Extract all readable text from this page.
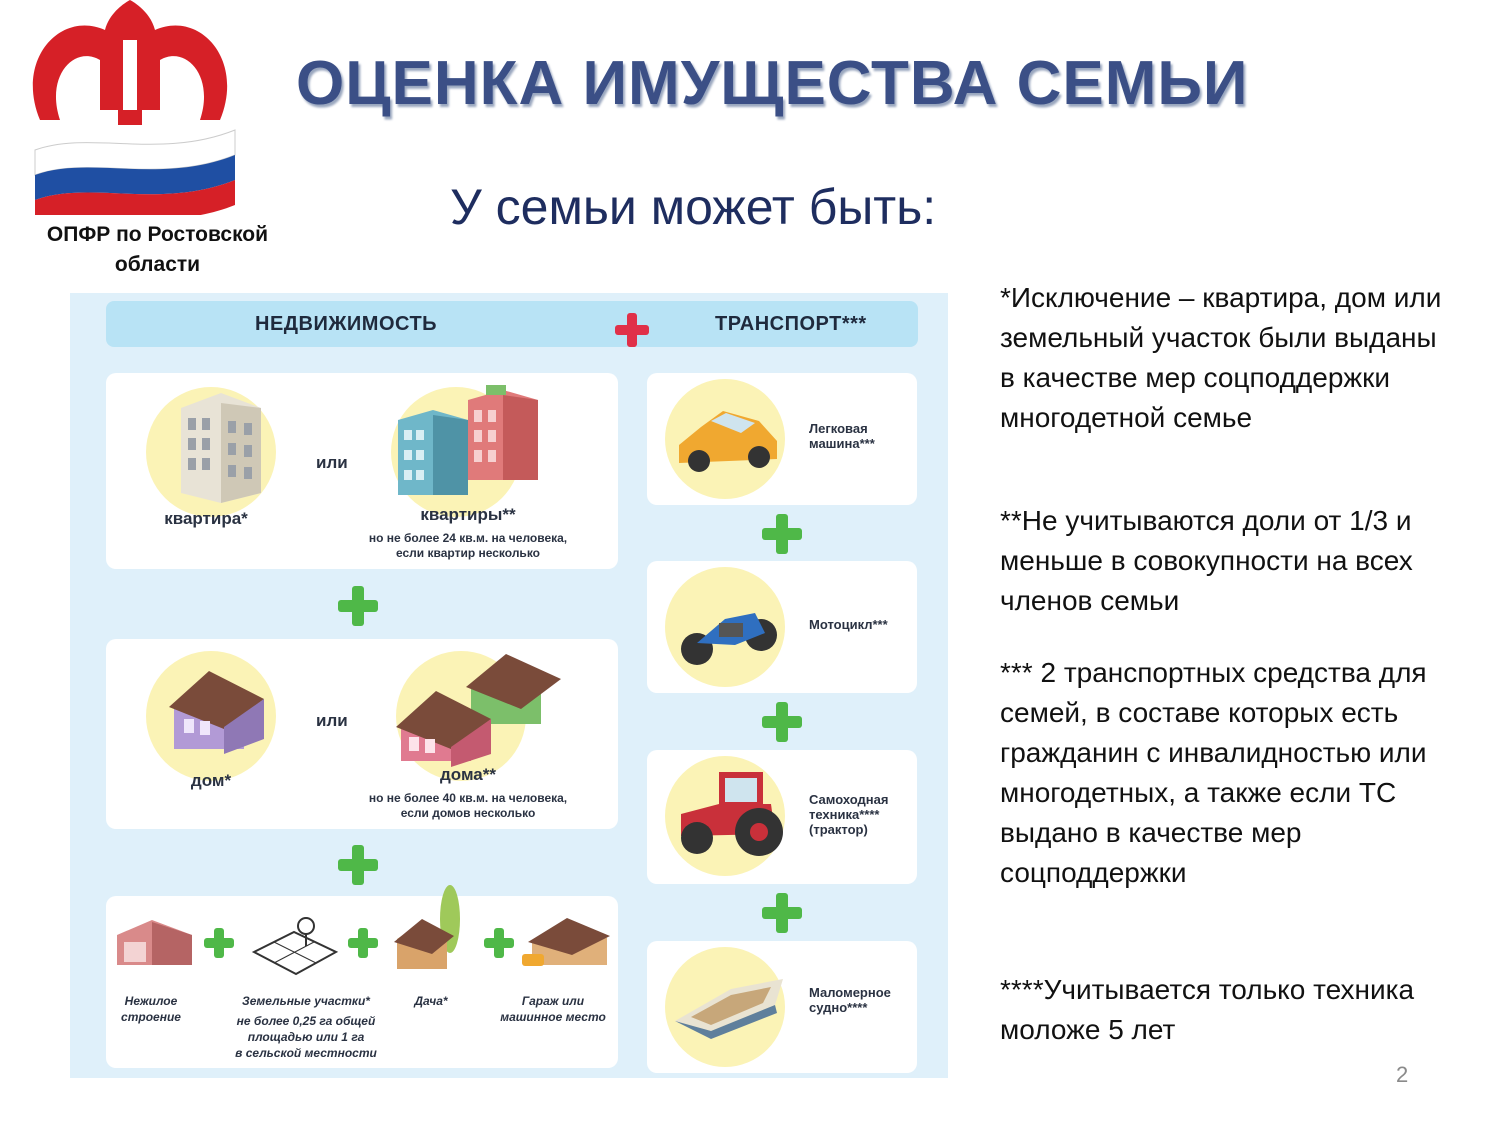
ОПФР по Ростовской области
ОЦЕНКА ИМУЩЕСТВА СЕМЬИ
У семьи может быть:
НЕДВИЖИМОСТЬ	ТРАНСПОРТ***
квартира*
или
квартиры**
но не более 24 кв.м. на человека,
если квартир несколько
дом*
или
дома**
но не более 40 кв.м. на человека,
если домов несколько
Нежилое
строение
Земельные участки*
не более 0,25 га общей
площадью или 1 га
в сельской местности
Дача*	Гараж или
машинное место
Легковая
машина***
Мотоцикл***
Самоходная
техника****
(трактор)
Маломерное
судно****
*Исключение – квартира, дом или земельный участок были выданы в качестве мер соцподдержки многодетной семье
**Не учитываются доли от 1/3 и меньше в совокупности на всех членов семьи
*** 2 транспортных средства для семей, в составе которых есть гражданин с инвалидностью или многодетных, а также если ТС выдано в качестве мер соцподдержки
****Учитывается только техника моложе 5 лет
2
